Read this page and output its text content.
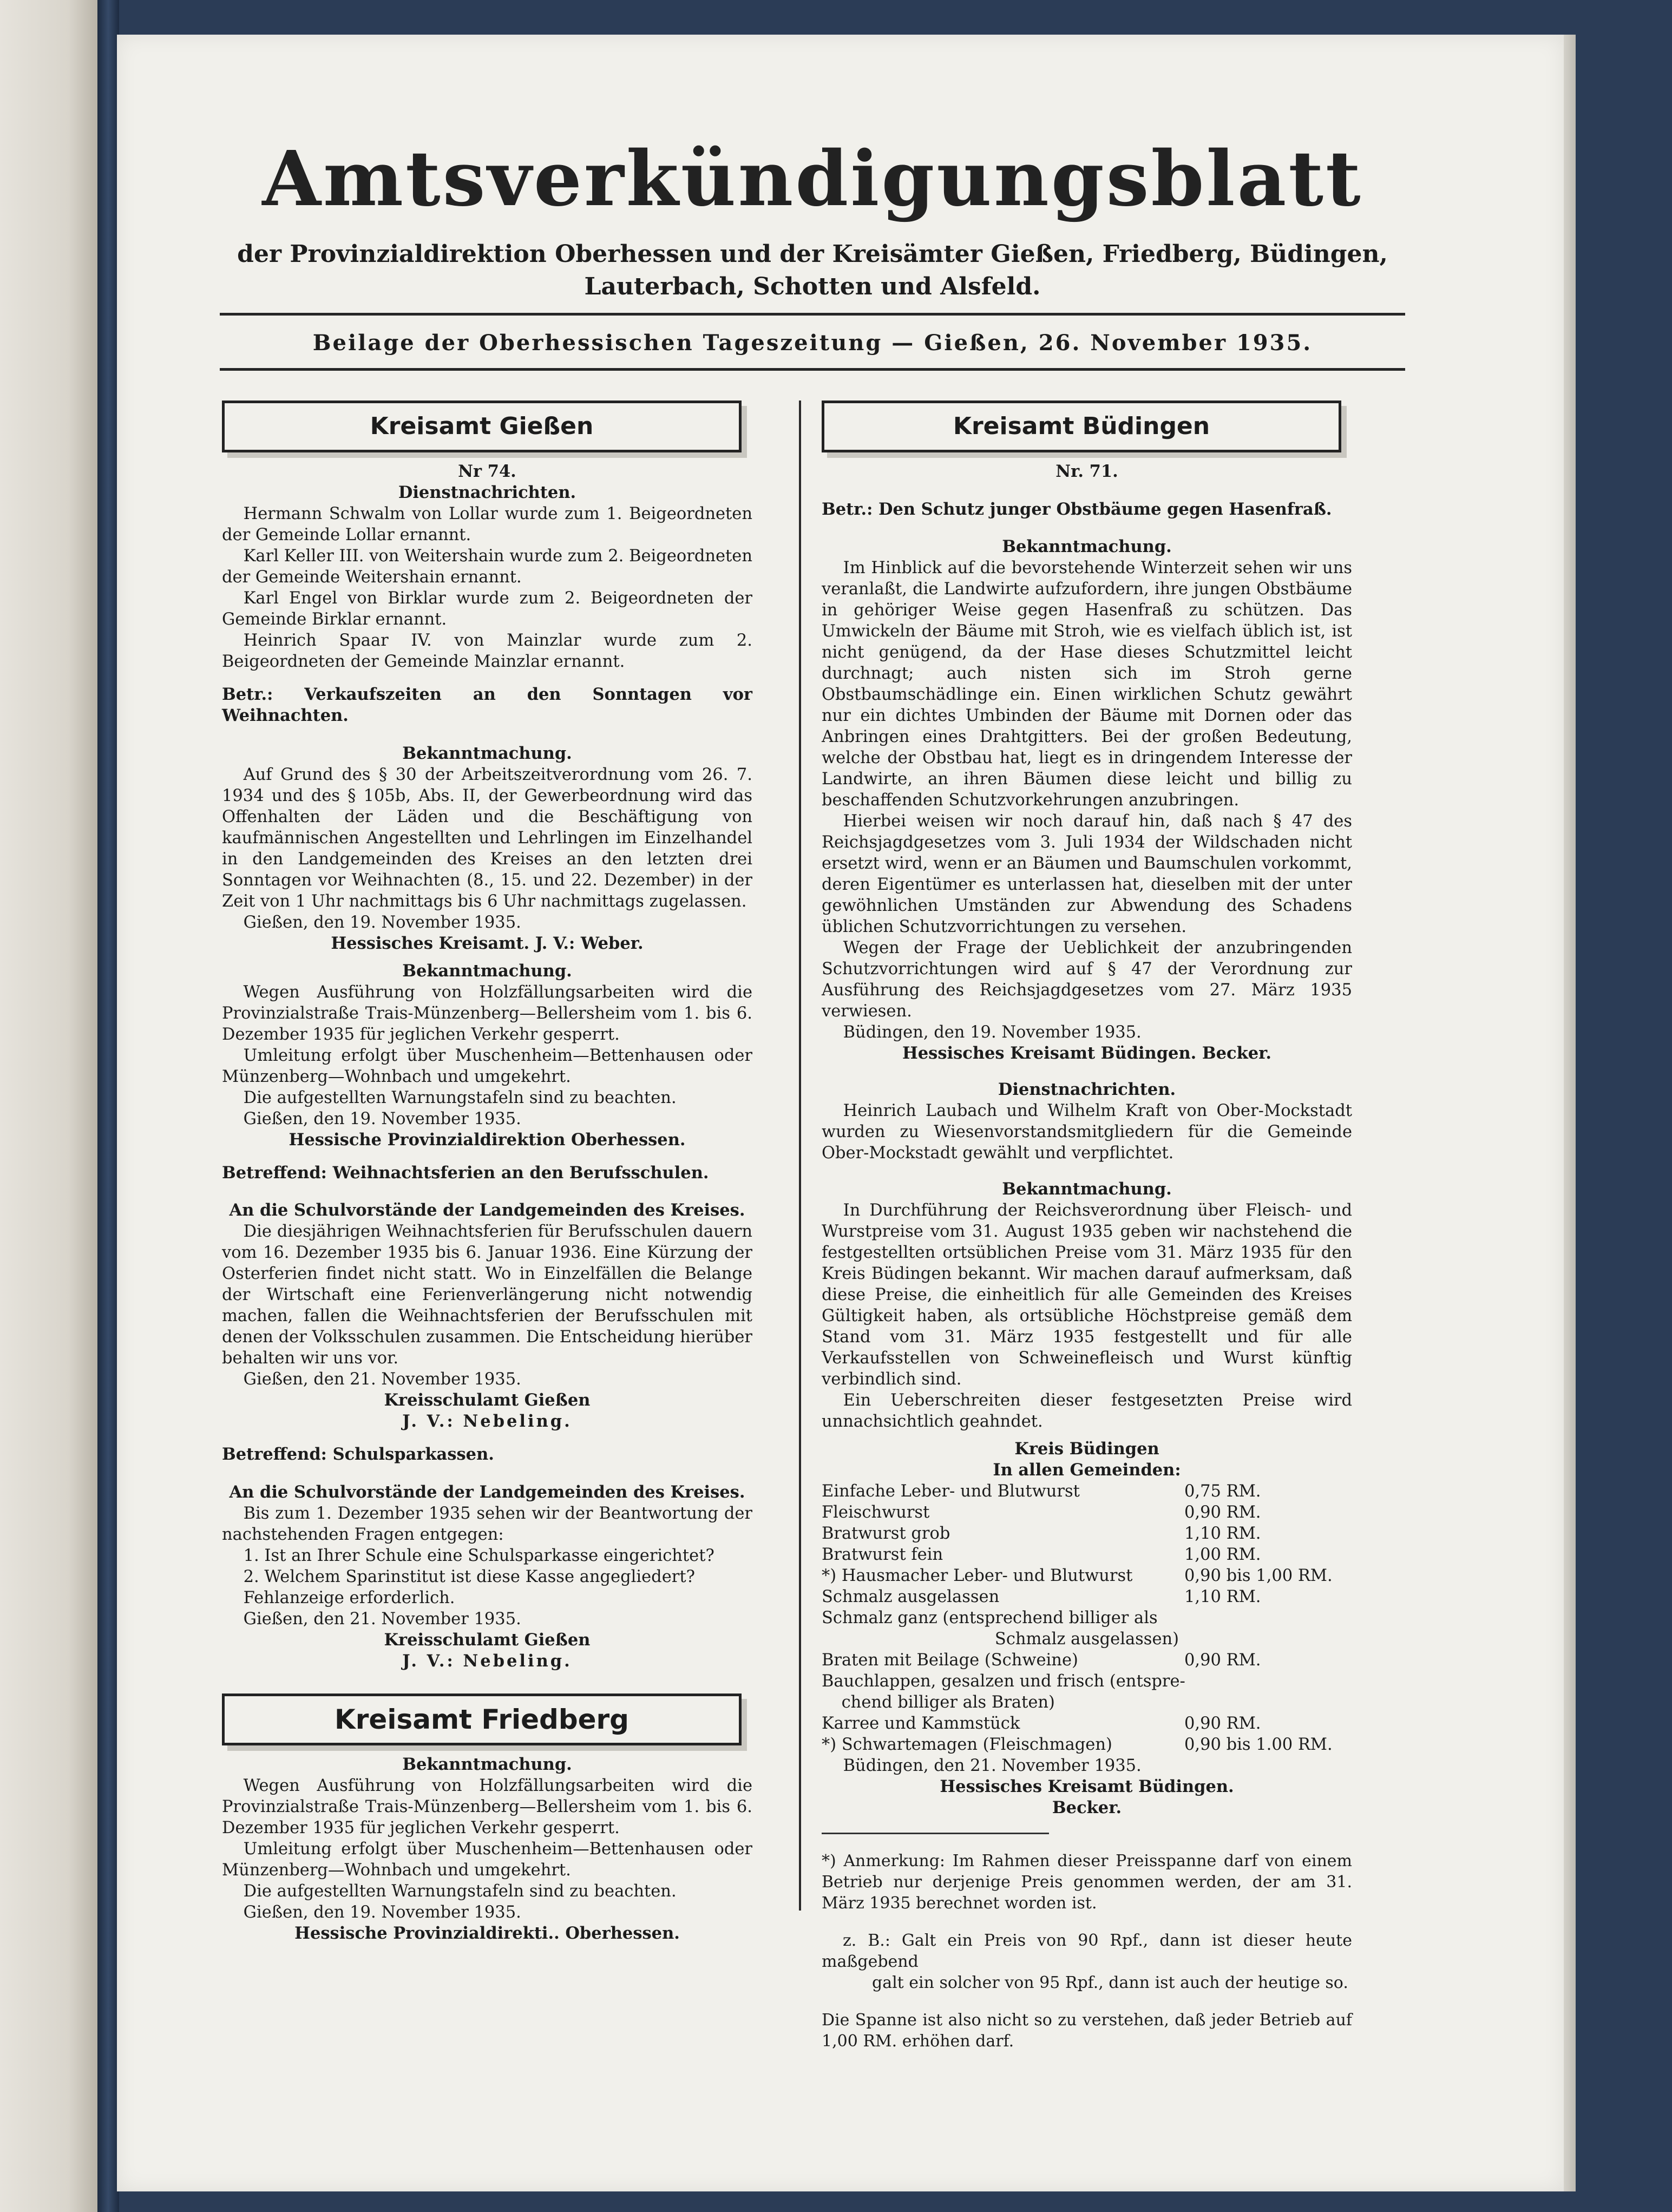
Amtsverkündigungsblatt
der Provinzialdirektion Oberhessen und der Kreisämter Gießen, Friedberg, Büdingen,
Lauterbach, Schotten und Alsfeld.
Beilage der Oberhessischen Tageszeitung — Gießen, 26. November 1935.
Kreisamt Gießen

Nr 74.

Dienstnachrichten.

Hermann Schwalm von Lollar wurde zum 1. Beigeordneten der Gemeinde Lollar ernannt.

Karl Keller III. von Weitershain wurde zum 2. Beigeordneten der Gemeinde Weitershain ernannt.

Karl Engel von Birklar wurde zum 2. Beigeordneten der Gemeinde Birklar ernannt.

Heinrich Spaar IV. von Mainzlar wurde zum 2. Beigeordneten der Gemeinde Mainzlar ernannt.

Betr.: Verkaufszeiten an den Sonntagen vor Weihnachten.

Bekanntmachung.

Auf Grund des § 30 der Arbeitszeitverordnung vom 26. 7. 1934 und des § 105b, Abs. II, der Gewerbeordnung wird das Offenhalten der Läden und die Beschäftigung von kaufmännischen Angestellten und Lehrlingen im Einzelhandel in den Landgemeinden des Kreises an den letzten drei Sonntagen vor Weihnachten (8., 15. und 22. Dezember) in der Zeit von 1 Uhr nachmittags bis 6 Uhr nachmittags zugelassen.

Gießen, den 19. November 1935.

Hessisches Kreisamt. J. V.: Weber.

Bekanntmachung.

Wegen Ausführung von Holzfällungsarbeiten wird die Provinzialstraße Trais-Münzenberg—Bellersheim vom 1. bis 6. Dezember 1935 für jeglichen Verkehr gesperrt.

Umleitung erfolgt über Muschenheim—Bettenhausen oder Münzenberg—Wohnbach und umgekehrt.

Die aufgestellten Warnungstafeln sind zu beachten.

Gießen, den 19. November 1935.

Hessische Provinzialdirektion Oberhessen.

Betreffend: Weihnachtsferien an den Berufsschulen.

An die Schulvorstände der Landgemeinden des Kreises.

Die diesjährigen Weihnachtsferien für Berufsschulen dauern vom 16. Dezember 1935 bis 6. Januar 1936. Eine Kürzung der Osterferien findet nicht statt. Wo in Einzelfällen die Belange der Wirtschaft eine Ferienverlängerung nicht notwendig machen, fallen die Weihnachtsferien der Berufsschulen mit denen der Volksschulen zusammen. Die Entscheidung hierüber behalten wir uns vor.

Gießen, den 21. November 1935.

Kreisschulamt Gießen

J. V.: Nebeling.

Betreffend: Schulsparkassen.

An die Schulvorstände der Landgemeinden des Kreises.

Bis zum 1. Dezember 1935 sehen wir der Beantwortung der nachstehenden Fragen entgegen:

1. Ist an Ihrer Schule eine Schulsparkasse eingerichtet?

2. Welchem Sparinstitut ist diese Kasse angegliedert?

Fehlanzeige erforderlich.

Gießen, den 21. November 1935.

Kreisschulamt Gießen

J. V.: Nebeling.

Kreisamt Friedberg

Bekanntmachung.

Wegen Ausführung von Holzfällungsarbeiten wird die Provinzialstraße Trais-Münzenberg—Bellersheim vom 1. bis 6. Dezember 1935 für jeglichen Verkehr gesperrt.

Umleitung erfolgt über Muschenheim—Bettenhausen oder Münzenberg—Wohnbach und umgekehrt.

Die aufgestellten Warnungstafeln sind zu beachten.

Gießen, den 19. November 1935.

Hessische Provinzialdirekti.. Oberhessen.

Kreisamt Büdingen

Nr. 71.

Betr.: Den Schutz junger Obstbäume gegen Hasenfraß.

Bekanntmachung.

Im Hinblick auf die bevorstehende Winterzeit sehen wir uns veranlaßt, die Landwirte aufzufordern, ihre jungen Obstbäume in gehöriger Weise gegen Hasenfraß zu schützen. Das Umwickeln der Bäume mit Stroh, wie es vielfach üblich ist, ist nicht genügend, da der Hase dieses Schutzmittel leicht durchnagt; auch nisten sich im Stroh gerne Obstbaumschädlinge ein. Einen wirklichen Schutz gewährt nur ein dichtes Umbinden der Bäume mit Dornen oder das Anbringen eines Drahtgitters. Bei der großen Bedeutung, welche der Obstbau hat, liegt es in dringendem Interesse der Landwirte, an ihren Bäumen diese leicht und billig zu beschaffenden Schutzvorkehrungen anzubringen.

Hierbei weisen wir noch darauf hin, daß nach § 47 des Reichsjagdgesetzes vom 3. Juli 1934 der Wildschaden nicht ersetzt wird, wenn er an Bäumen und Baumschulen vorkommt, deren Eigentümer es unterlassen hat, dieselben mit der unter gewöhnlichen Umständen zur Abwendung des Schadens üblichen Schutzvorrichtungen zu versehen.

Wegen der Frage der Ueblichkeit der anzubringenden Schutzvorrichtungen wird auf § 47 der Verordnung zur Ausführung des Reichsjagdgesetzes vom 27. März 1935 verwiesen.

Büdingen, den 19. November 1935.

Hessisches Kreisamt Büdingen. Becker.

Dienstnachrichten.

Heinrich Laubach und Wilhelm Kraft von Ober-Mockstadt wurden zu Wiesenvorstandsmitgliedern für die Gemeinde Ober-Mockstadt gewählt und verpflichtet.

Bekanntmachung.

In Durchführung der Reichsverordnung über Fleisch- und Wurstpreise vom 31. August 1935 geben wir nachstehend die festgestellten ortsüblichen Preise vom 31. März 1935 für den Kreis Büdingen bekannt. Wir machen darauf aufmerksam, daß diese Preise, die einheitlich für alle Gemeinden des Kreises Gültigkeit haben, als ortsübliche Höchstpreise gemäß dem Stand vom 31. März 1935 festgestellt und für alle Verkaufsstellen von Schweinefleisch und Wurst künftig verbindlich sind.

Ein Ueberschreiten dieser festgesetzten Preise wird unnachsichtlich geahndet.

Kreis Büdingen

In allen Gemeinden:

Einfache Leber- und Blutwurst	0,75 RM.

Fleischwurst	0,90 RM.

Bratwurst grob	1,10 RM.

Bratwurst fein	1,00 RM.

*) Hausmacher Leber- und Blutwurst	0,90 bis 1,00 RM.

Schmalz ausgelassen	1,10 RM.

Schmalz ganz (entsprechend billiger als

Schmalz ausgelassen)

Braten mit Beilage (Schweine)	0,90 RM.

Bauchlappen, gesalzen und frisch (entspre-

chend billiger als Braten)

Karree und Kammstück	0,90 RM.

*) Schwartemagen (Fleischmagen)	0,90 bis 1.00 RM.

Büdingen, den 21. November 1935.

Hessisches Kreisamt Büdingen.

Becker.

*) Anmerkung: Im Rahmen dieser Preisspanne darf von einem Betrieb nur derjenige Preis genommen werden, der am 31. März 1935 berechnet worden ist.

z. B.: Galt ein Preis von 90 Rpf., dann ist dieser heute maßgebend

galt ein solcher von 95 Rpf., dann ist auch der heutige so.

Die Spanne ist also nicht so zu verstehen, daß jeder Betrieb auf 1,00 RM. erhöhen darf.
